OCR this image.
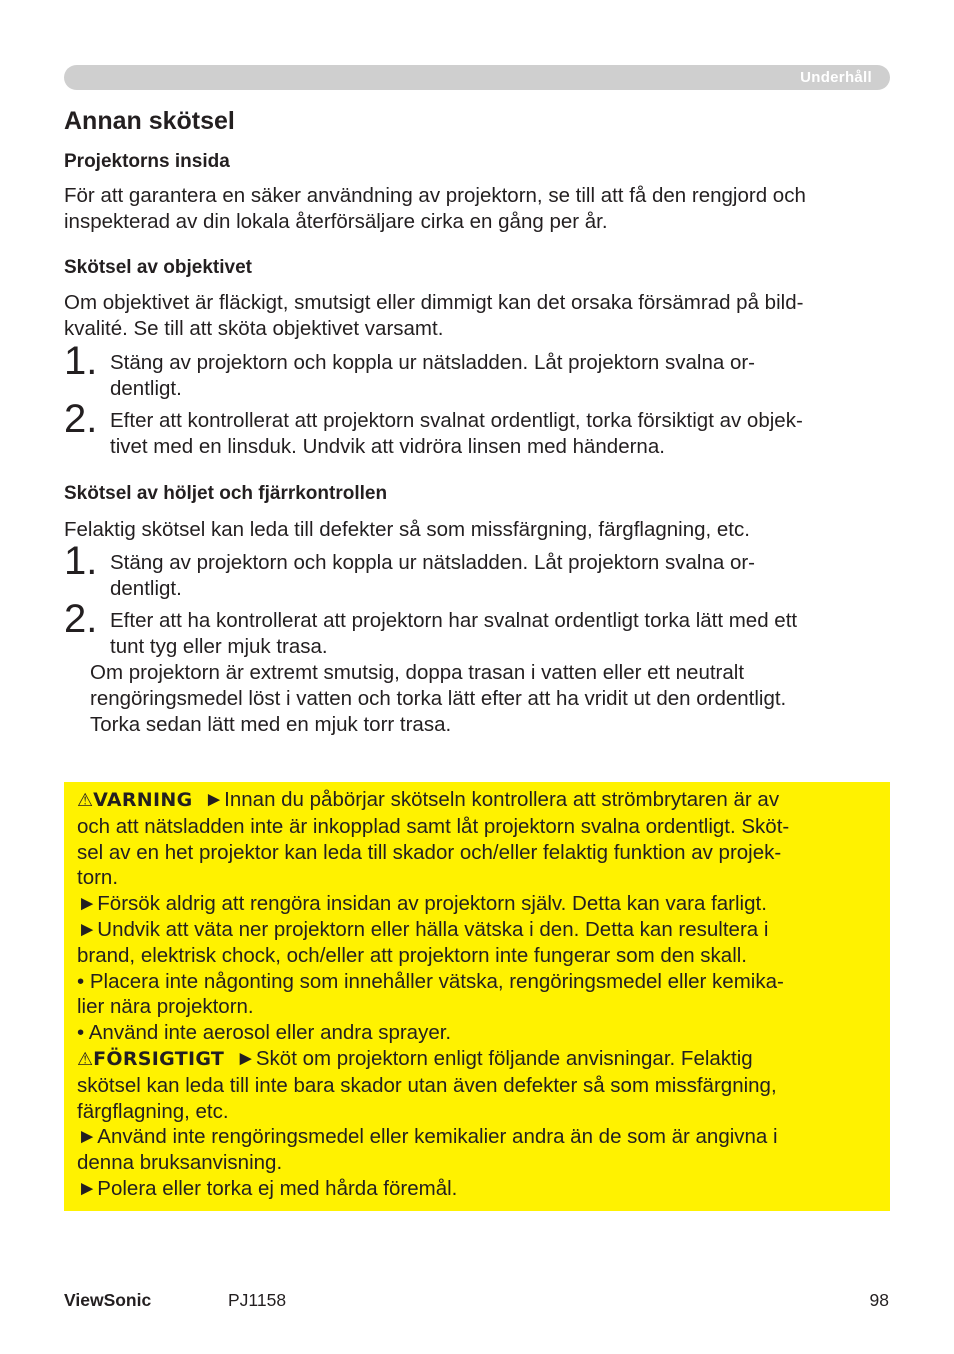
Underhåll
Annan skötsel
Projektorns insida
För att garantera en säker användning av projektorn, se till att få den rengjord och
inspekterad av din lokala återförsäljare cirka en gång per år.
Skötsel av objektivet
Om objektivet är fläckigt, smutsigt eller dimmigt kan det orsaka försämrad på bild-
kvalité. Se till att sköta objektivet varsamt.
1. Stäng av projektorn och koppla ur nätsladden. Låt projektorn svalna or-
dentligt.
2. Efter att kontrollerat att projektorn svalnat ordentligt, torka försiktigt av objek-
tivet med en linsduk. Undvik att vidröra linsen med händerna.
Skötsel av höljet och fjärrkontrollen
Felaktig skötsel kan leda till defekter så som missfärgning, färgflagning, etc.
1. Stäng av projektorn och koppla ur nätsladden. Låt projektorn svalna or-
dentligt.
2. Efter att ha kontrollerat att projektorn har svalnat ordentligt torka lätt med ett
tunt tyg eller mjuk trasa.
Om projektorn är extremt smutsig, doppa trasan i vatten eller ett neutralt
rengöringsmedel löst i vatten och torka lätt efter att ha vridit ut den ordentligt.
Torka sedan lätt med en mjuk torr trasa.
⚠VARNING ►Innan du påbörjar skötseln kontrollera att strömbrytaren är av
och att nätsladden inte är inkopplad samt låt projektorn svalna ordentligt. Sköt-
sel av en het projektor kan leda till skador och/eller felaktig funktion av projek-
torn.
►Försök aldrig att rengöra insidan av projektorn själv. Detta kan vara farligt.
►Undvik att väta ner projektorn eller hälla vätska i den. Detta kan resultera i
brand, elektrisk chock, och/eller att projektorn inte fungerar som den skall.
• Placera inte någonting som innehåller vätska, rengöringsmedel eller kemika-
lier nära projektorn.
• Använd inte aerosol eller andra sprayer.
⚠FÖRSIGTIGT ►Sköt om projektorn enligt följande anvisningar. Felaktig
skötsel kan leda till inte bara skador utan även defekter så som missfärgning,
färgflagning, etc.
►Använd inte rengöringsmedel eller kemikalier andra än de som är angivna i
denna bruksanvisning.
►Polera eller torka ej med hårda föremål.
ViewSonic	PJ1158	98
